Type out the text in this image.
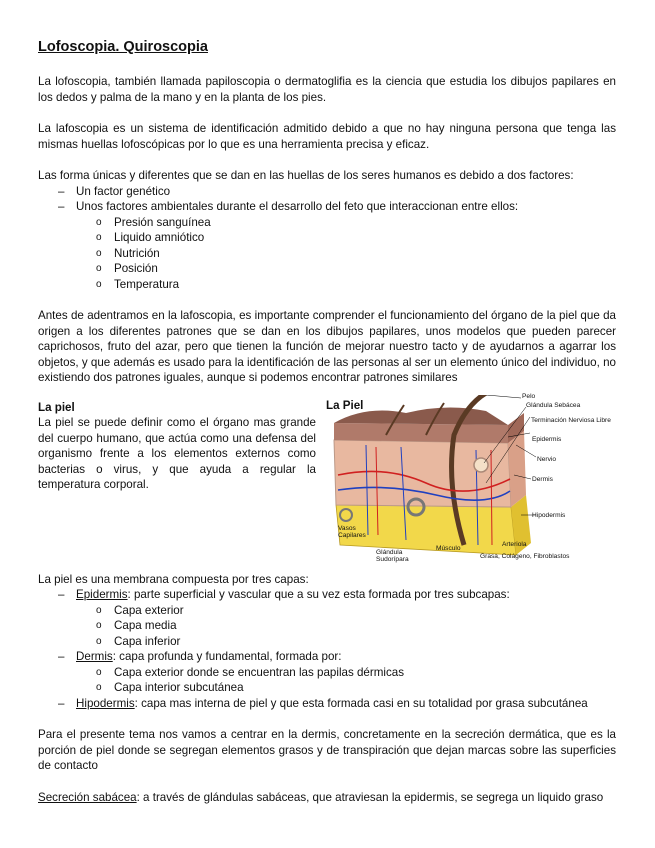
Lofoscopia. Quiroscopia

La lofoscopia, también llamada papiloscopia o dermatoglifia es la ciencia que estudia los dibujos papilares en los dedos y palma de la mano y en la planta de los pies.

La lafoscopia es un sistema de identificación admitido debido a que no hay ninguna persona que tenga las mismas huellas lofoscópicas por lo que es una herramienta precisa y eficaz.

Las forma únicas y diferentes que se dan en las huellas de los seres humanos es debido a dos factores:

– Un factor genético
– Unos factores ambientales durante el desarrollo del feto que interaccionan entre ellos:
o Presión sanguínea
o Liquido amniótico
o Nutrición
o Posición
o Temperatura

Antes de adentramos en la lafoscopia, es importante comprender el funcionamiento del órgano de la piel que da origen a los diferentes patrones que se dan en los dibujos papilares, unos modelos que pueden parecer caprichosos, fruto del azar, pero que tienen la función de mejorar nuestro tacto y de ayudarnos a agarrar los objetos, y que además es usado para la identificación de las personas al ser un elemento único del individuo, no existiendo dos patrones iguales, aunque si podemos encontrar patrones similares

La piel

La piel se puede definir como el órgano mas grande del cuerpo humano, que actúa como una defensa del organismo frente a los elementos externos como bacterias o virus, y que ayuda a regular la temperatura corporal.

La Piel
Pelo
Glándula Sebácea
Terminación Nerviosa Libre
Epidermis
Nervio
Dermis
Hipodermis
Vasos
Capilares
Glándula
Sudorípara
Músculo
Arteriola
Grasa, Colágeno, Fibroblastos

La piel es una membrana compuesta por tres capas:

– Epidermis: parte superficial y vascular que a su vez esta formada por tres subcapas:
o Capa exterior
o Capa media
o Capa inferior
– Dermis: capa profunda y fundamental, formada por:
o Capa exterior donde se encuentran las papilas dérmicas
o Capa interior subcutánea
– Hipodermis: capa mas interna de piel y que esta formada casi en su totalidad por grasa subcutánea

Para el presente tema nos vamos a centrar en la dermis, concretamente en la secreción dermática, que es la porción de piel donde se segregan elementos grasos y de transpiración que dejan marcas sobre las superficies de contacto

Secreción sabácea: a través de glándulas sabáceas, que atraviesan la epidermis, se segrega un liquido graso
